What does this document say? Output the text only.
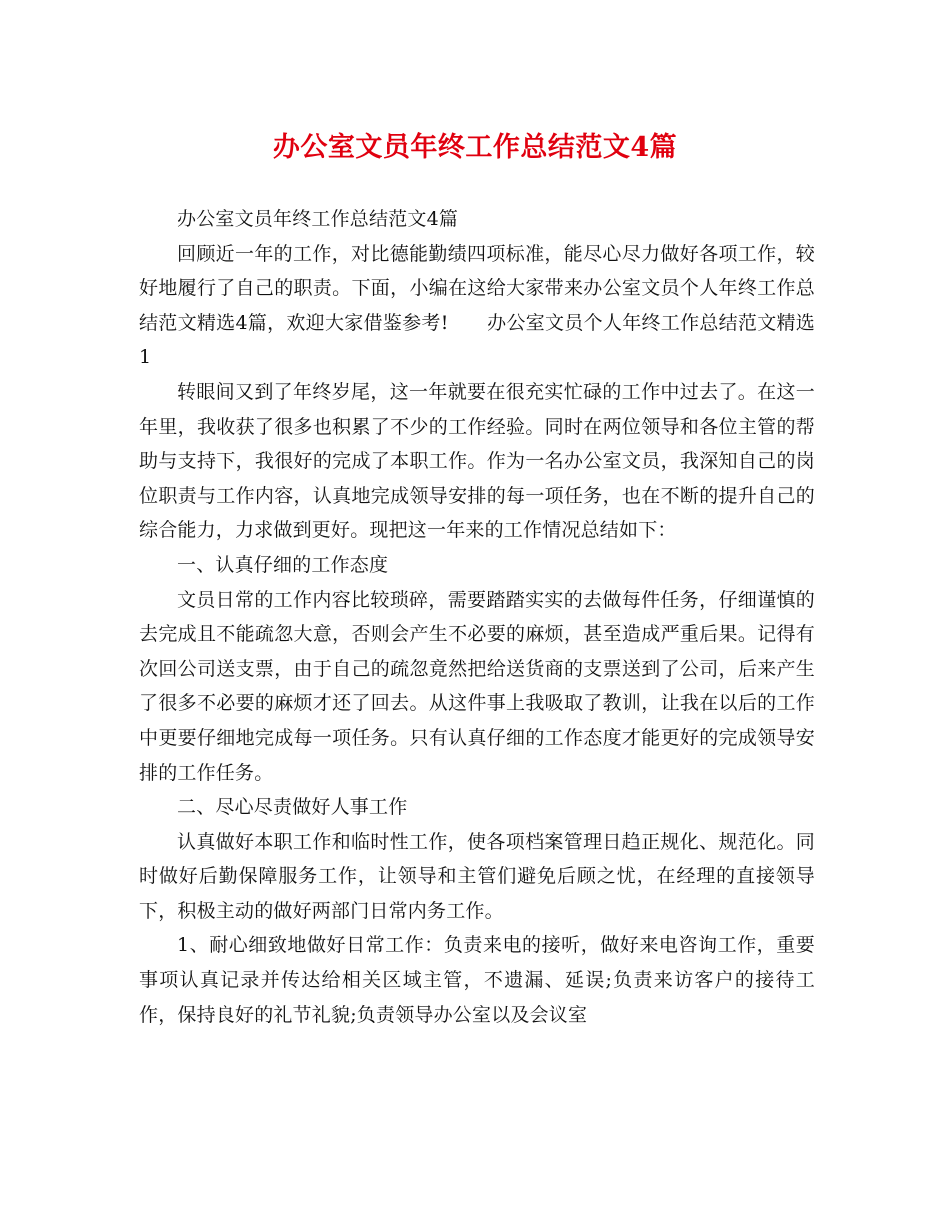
办公室文员年终工作总结范文4篇

办公室文员年终工作总结范文4篇

回顾近一年的工作，对比德能勤绩四项标准，能尽心尽力做好各项工作，较好地履行了自己的职责。下面，小编在这给大家带来办公室文员个人年终工作总结范文精选4篇，欢迎大家借鉴参考!　　办公室文员个人年终工作总结范文精选1

转眼间又到了年终岁尾，这一年就要在很充实忙碌的工作中过去了。在这一年里，我收获了很多也积累了不少的工作经验。同时在两位领导和各位主管的帮助与支持下，我很好的完成了本职工作。作为一名办公室文员，我深知自己的岗位职责与工作内容，认真地完成领导安排的每一项任务，也在不断的提升自己的综合能力，力求做到更好。现把这一年来的工作情况总结如下：

一、认真仔细的工作态度

文员日常的工作内容比较琐碎，需要踏踏实实的去做每件任务，仔细谨慎的去完成且不能疏忽大意，否则会产生不必要的麻烦，甚至造成严重后果。记得有次回公司送支票，由于自己的疏忽竟然把给送货商的支票送到了公司，后来产生了很多不必要的麻烦才还了回去。从这件事上我吸取了教训，让我在以后的工作中更要仔细地完成每一项任务。只有认真仔细的工作态度才能更好的完成领导安排的工作任务。

二、尽心尽责做好人事工作

认真做好本职工作和临时性工作，使各项档案管理日趋正规化、规范化。同时做好后勤保障服务工作，让领导和主管们避免后顾之忧，在经理的直接领导下，积极主动的做好两部门日常内务工作。

1、耐心细致地做好日常工作：负责来电的接听，做好来电咨询工作，重要事项认真记录并传达给相关区域主管，不遗漏、延误;负责来访客户的接待工作，保持良好的礼节礼貌;负责领导办公室以及会议室
